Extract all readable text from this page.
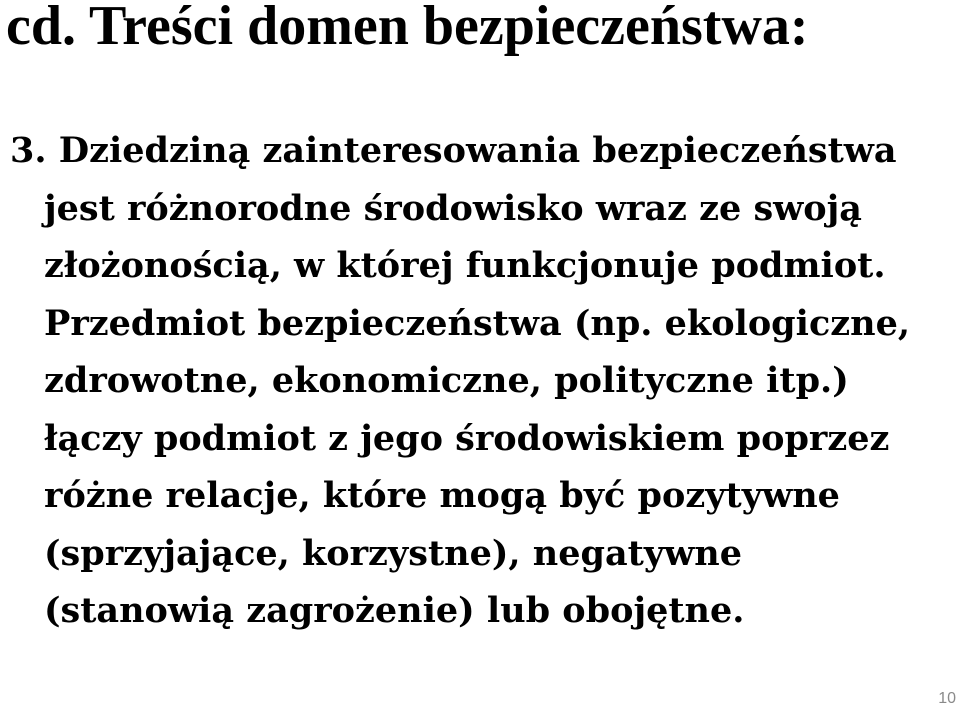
cd. Treści domen bezpieczeństwa:
3. Dziedziną zainteresowania bezpieczeństwa
jest różnorodne środowisko wraz ze swoją
złożonością, w której funkcjonuje podmiot.
Przedmiot bezpieczeństwa (np. ekologiczne,
zdrowotne, ekonomiczne, polityczne itp.)
łączy podmiot z jego środowiskiem poprzez
różne relacje, które mogą być pozytywne
(sprzyjające, korzystne), negatywne
(stanowią zagrożenie) lub obojętne.
10
